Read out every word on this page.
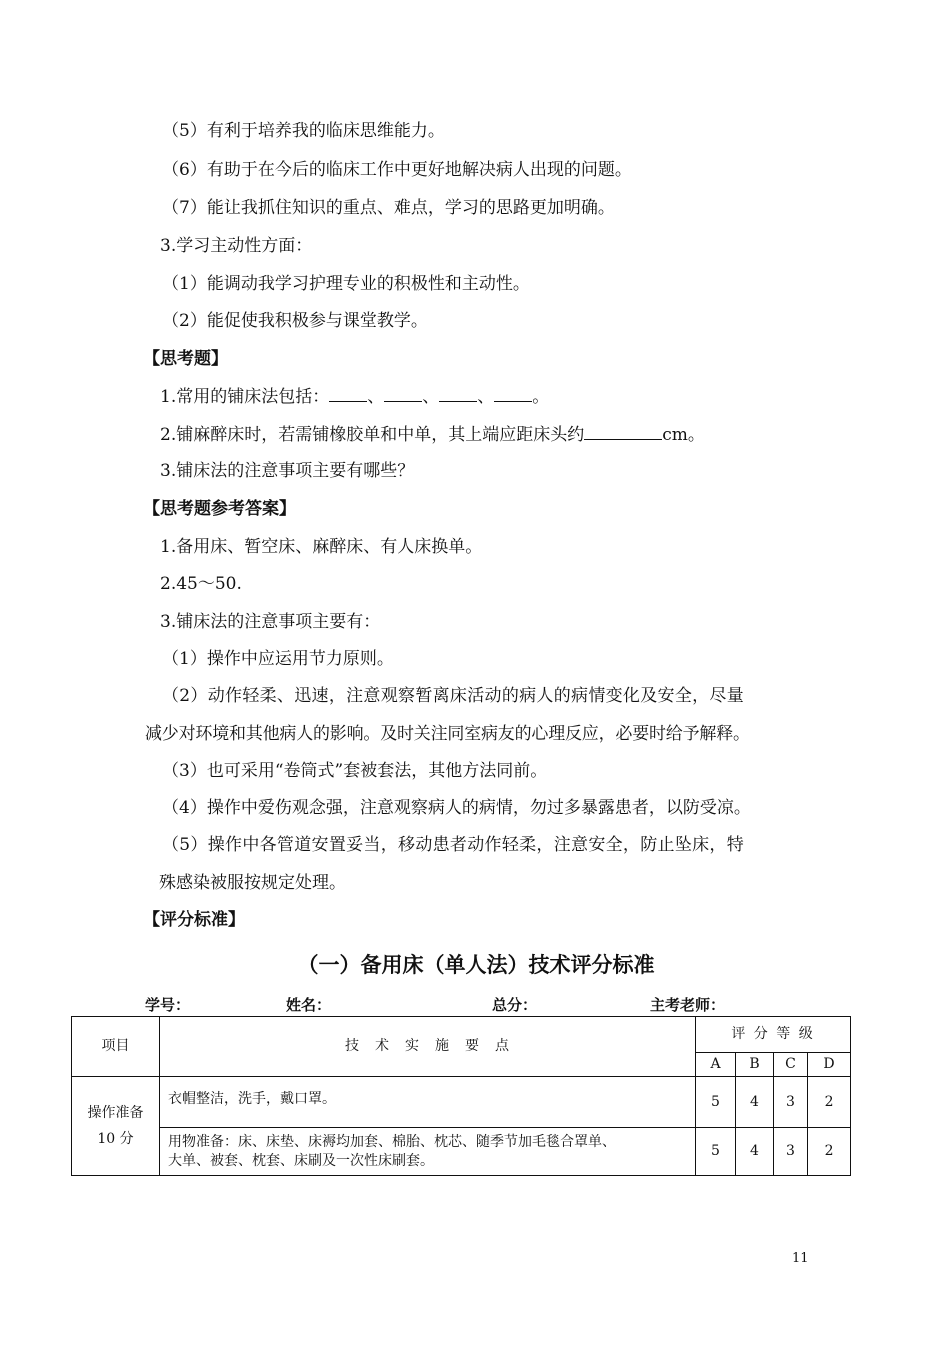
（5）有利于培养我的临床思维能力。
（6）有助于在今后的临床工作中更好地解决病人出现的问题。
（7）能让我抓住知识的重点、难点，学习的思路更加明确。
3.学习主动性方面：
（1）能调动我学习护理专业的积极性和主动性。
（2）能促使我积极参与课堂教学。
【思考题】
1.常用的铺床法包括： 、 、 、 。
2.铺麻醉床时，若需铺橡胶单和中单，其上端应距床头约	cm。
3.铺床法的注意事项主要有哪些？
【思考题参考答案】
1.备用床、暂空床、麻醉床、有人床换单。
2.45～50.
3.铺床法的注意事项主要有：
（1）操作中应运用节力原则。
（2）动作轻柔、迅速，注意观察暂离床活动的病人的病情变化及安全，尽量
减少对环境和其他病人的影响。及时关注同室病友的心理反应，必要时给予解释。
（3）也可采用“卷筒式”套被套法，其他方法同前。
（4）操作中爱伤观念强，注意观察病人的病情，勿过多暴露患者，以防受凉。
（5）操作中各管道安置妥当，移动患者动作轻柔，注意安全，防止坠床，特
殊感染被服按规定处理。
【评分标准】
（一）备用床（单人法）技术评分标准
学号：	姓名：	总分：	主考老师：
项目	技　术　实　施　要　点	评 分 等 级			
		A	B	C	D

操作准备
10 分	衣帽整洁，洗手，戴口罩。	5	4	3	2
	用物准备：床、床垫、床褥均加套、棉胎、枕芯、随季节加毛毯合罩单、
大单、被套、枕套、床刷及一次性床刷套。	5	4	3	2
11
